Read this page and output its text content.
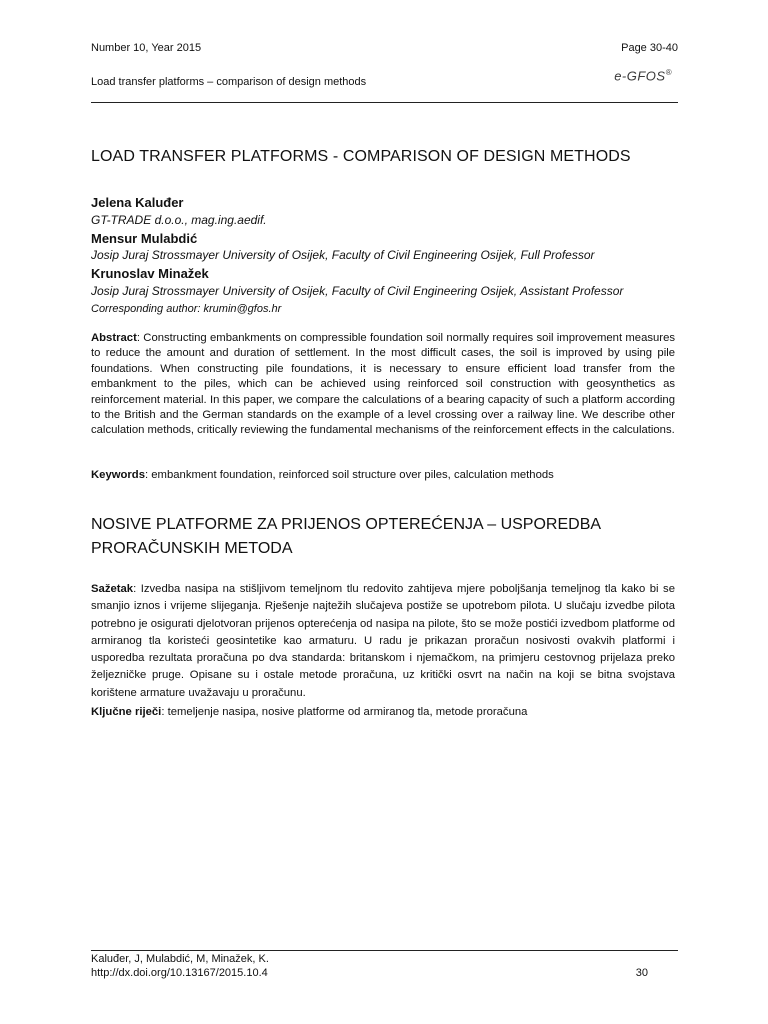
Number 10, Year 2015	Page 30-40
Load transfer platforms – comparison of design methods	e-GFOS®
LOAD TRANSFER PLATFORMS - COMPARISON OF DESIGN METHODS
Jelena Kaluđer
GT-TRADE d.o.o., mag.ing.aedif.
Mensur Mulabdić
Josip Juraj Strossmayer University of Osijek, Faculty of Civil Engineering Osijek, Full Professor
Krunoslav Minažek
Josip Juraj Strossmayer University of Osijek, Faculty of Civil Engineering Osijek, Assistant Professor
Corresponding author: krumin@gfos.hr
Abstract: Constructing embankments on compressible foundation soil normally requires soil improvement measures to reduce the amount and duration of settlement. In the most difficult cases, the soil is improved by using pile foundations. When constructing pile foundations, it is necessary to ensure efficient load transfer from the embankment to the piles, which can be achieved using reinforced soil construction with geosynthetics as reinforcement material. In this paper, we compare the calculations of a bearing capacity of such a platform according to the British and the German standards on the example of a level crossing over a railway line. We describe other calculation methods, critically reviewing the fundamental mechanisms of the reinforcement effects in the calculations.
Keywords: embankment foundation, reinforced soil structure over piles, calculation methods
NOSIVE PLATFORME ZA PRIJENOS OPTEREĆENJA – USPOREDBA PRORAČUNSKIH METODA
Sažetak: Izvedba nasipa na stišljivom temeljnom tlu redovito zahtijeva mjere poboljšanja temeljnog tla kako bi se smanjio iznos i vrijeme slijeganja. Rješenje najtežih slučajeva postiže se upotrebom pilota. U slučaju izvedbe pilota potrebno je osigurati djelotvoran prijenos opterećenja od nasipa na pilote, što se može postići izvedbom platforme od armiranog tla koristeći geosintetike kao armaturu. U radu je prikazan proračun nosivosti ovakvih platformi i usporedba rezultata proračuna po dva standarda: britanskom i njemačkom, na primjeru cestovnog prijelaza preko željezničke pruge. Opisane su i ostale metode proračuna, uz kritički osvrt na način na koji se bitna svojstava korištene armature uvažavaju u proračunu.
Ključne riječi: temeljenje nasipa, nosive platforme od armiranog tla, metode proračuna
Kaluđer, J, Mulabdić, M, Minažek, K.
http://dx.doi.org/10.13167/2015.10.4	30
